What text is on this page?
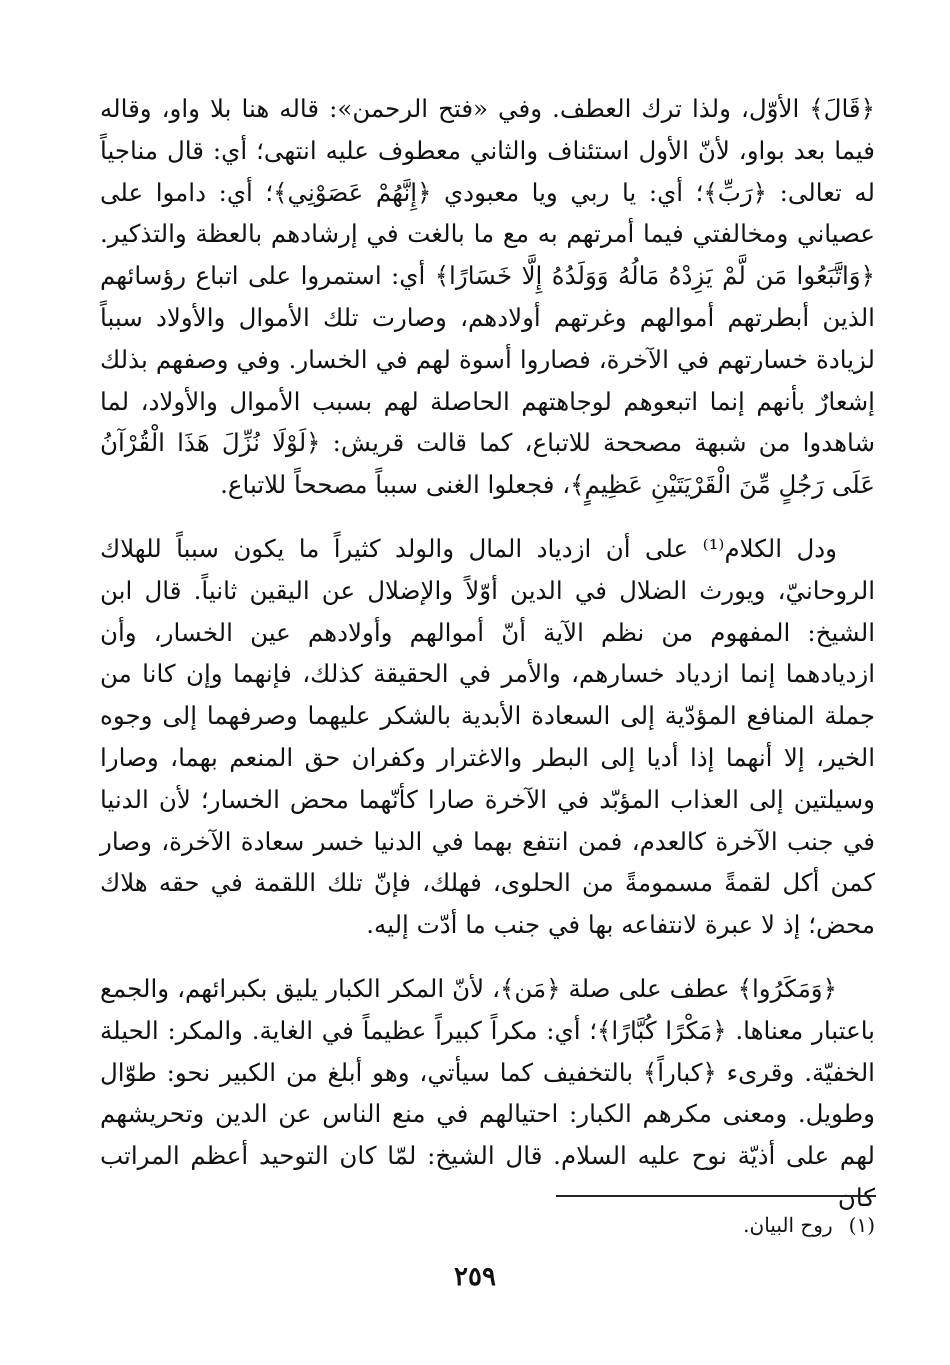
﴿قَالَ﴾ الأوّل، ولذا ترك العطف. وفي «فتح الرحمن»: قاله هنا بلا واو، وقاله فيما بعد بواو، لأنّ الأول استئناف والثاني معطوف عليه انتهى؛ أي: قال مناجياً له تعالى: ﴿رَبِّ﴾؛ أي: يا ربي ويا معبودي ﴿إِنَّهُمْ عَصَوْنِي﴾؛ أي: داموا على عصياني ومخالفتي فيما أمرتهم به مع ما بالغت في إرشادهم بالعظة والتذكير. ﴿وَاتَّبَعُوا مَن لَّمْ يَزِدْهُ مَالُهُ وَوَلَدُهُ إِلَّا خَسَارًا﴾ أي: استمروا على اتباع رؤسائهم الذين أبطرتهم أموالهم وغرتهم أولادهم، وصارت تلك الأموال والأولاد سبباً لزيادة خسارتهم في الآخرة، فصاروا أسوة لهم في الخسار. وفي وصفهم بذلك إشعارٌ بأنهم إنما اتبعوهم لوجاهتهم الحاصلة لهم بسبب الأموال والأولاد، لما شاهدوا من شبهة مصححة للاتباع، كما قالت قريش: ﴿لَوْلَا نُزِّلَ هَذَا الْقُرْآنُ عَلَى رَجُلٍ مِّنَ الْقَرْيَتَيْنِ عَظِيمٍ﴾، فجعلوا الغنى سبباً مصححاً للاتباع.

ودل الكلام⁽¹⁾ على أن ازدياد المال والولد كثيراً ما يكون سبباً للهلاك الروحانيّ، ويورث الضلال في الدين أوّلاً والإضلال عن اليقين ثانياً. قال ابن الشيخ: المفهوم من نظم الآية أنّ أموالهم وأولادهم عين الخسار، وأن ازديادهما إنما ازدياد خسارهم، والأمر في الحقيقة كذلك، فإنهما وإن كانا من جملة المنافع المؤدّية إلى السعادة الأبدية بالشكر عليهما وصرفهما إلى وجوه الخير، إلا أنهما إذا أديا إلى البطر والاغترار وكفران حق المنعم بهما، وصارا وسيلتين إلى العذاب المؤبّد في الآخرة صارا كأنّهما محض الخسار؛ لأن الدنيا في جنب الآخرة كالعدم، فمن انتفع بهما في الدنيا خسر سعادة الآخرة، وصار كمن أكل لقمةً مسمومةً من الحلوى، فهلك، فإنّ تلك اللقمة في حقه هلاك محض؛ إذ لا عبرة لانتفاعه بها في جنب ما أدّت إليه.

﴿وَمَكَرُوا﴾ عطف على صلة ﴿مَن﴾، لأنّ المكر الكبار يليق بكبرائهم، والجمع باعتبار معناها. ﴿مَكْرًا كُبَّارًا﴾؛ أي: مكراً كبيراً عظيماً في الغاية. والمكر: الحيلة الخفيّة. وقرىء ﴿كباراً﴾ بالتخفيف كما سيأتي، وهو أبلغ من الكبير نحو: طوّال وطويل. ومعنى مكرهم الكبار: احتيالهم في منع الناس عن الدين وتحريشهم لهم على أذيّة نوح عليه السلام. قال الشيخ: لمّا كان التوحيد أعظم المراتب كان

(١)روح البيان.
٢٥٩
